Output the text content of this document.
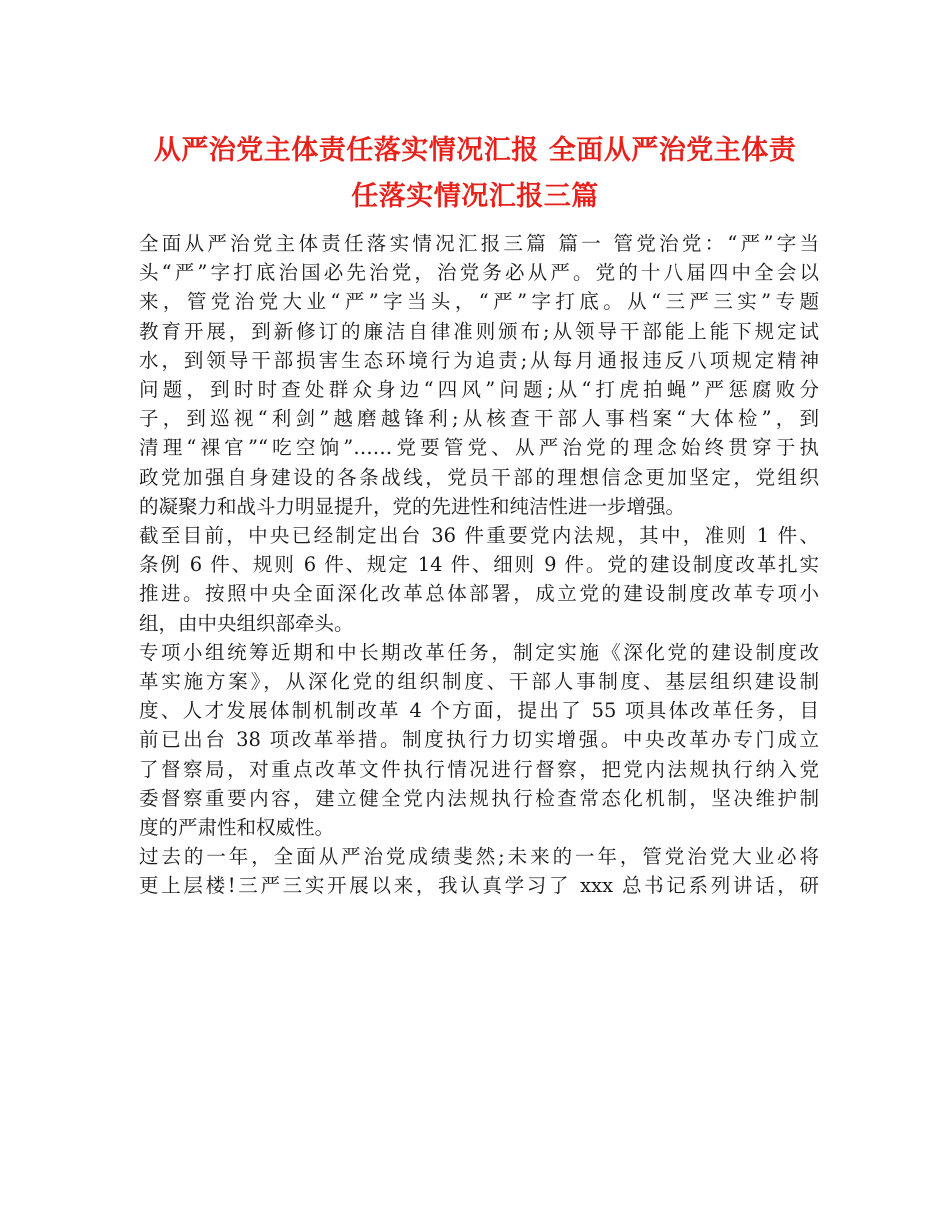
从严治党主体责任落实情况汇报 全面从严治党主体责
任落实情况汇报三篇

全面从严治党主体责任落实情况汇报三篇 篇一 管党治党：“严”字当
头“严”字打底治国必先治党，治党务必从严。党的十八届四中全会以
来，管党治党大业“严”字当头，“严”字打底。从“三严三实”专题
教育开展，到新修订的廉洁自律准则颁布;从领导干部能上能下规定试
水，到领导干部损害生态环境行为追责;从每月通报违反八项规定精神
问题，到时时查处群众身边“四风”问题;从“打虎拍蝇”严惩腐败分
子，到巡视“利剑”越磨越锋利;从核查干部人事档案“大体检”，到
清理“裸官”“吃空饷”……党要管党、从严治党的理念始终贯穿于执
政党加强自身建设的各条战线，党员干部的理想信念更加坚定，党组织
的凝聚力和战斗力明显提升，党的先进性和纯洁性进一步增强。

截至目前，中央已经制定出台 36 件重要党内法规，其中，准则 1 件、
条例 6 件、规则 6 件、规定 14 件、细则 9 件。党的建设制度改革扎实
推进。按照中央全面深化改革总体部署，成立党的建设制度改革专项小
组，由中央组织部牵头。

专项小组统筹近期和中长期改革任务，制定实施《深化党的建设制度改
革实施方案》，从深化党的组织制度、干部人事制度、基层组织建设制
度、人才发展体制机制改革 4 个方面，提出了 55 项具体改革任务，目
前已出台 38 项改革举措。制度执行力切实增强。中央改革办专门成立
了督察局，对重点改革文件执行情况进行督察，把党内法规执行纳入党
委督察重要内容，建立健全党内法规执行检查常态化机制，坚决维护制
度的严肃性和权威性。

过去的一年，全面从严治党成绩斐然;未来的一年，管党治党大业必将
更上层楼!三严三实开展以来，我认真学习了 xxx 总书记系列讲话，研
